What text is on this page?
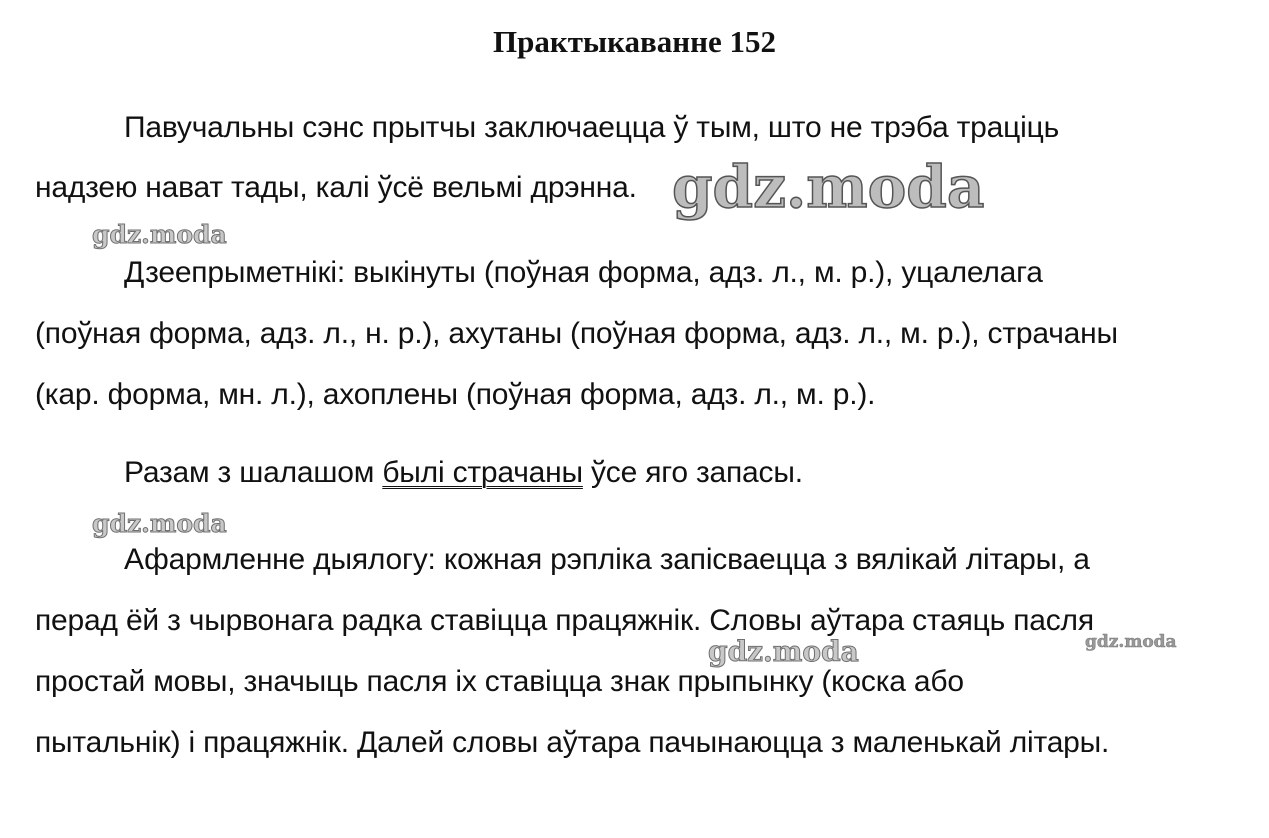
Практыкаванне 152
Павучальны сэнс прытчы заключаецца ў тым, што не трэба траціць
надзею нават тады, калі ўсё вельмі дрэнна.
Дзеепрыметнікі: выкінуты (поўная форма, адз. л., м. р.), уцалелага
(поўная форма, адз. л., н. р.), ахутаны (поўная форма, адз. л., м. р.), страчаны
(кар. форма, мн. л.), ахоплены (поўная форма, адз. л., м. р.).
Разам з шалашом былі страчаны ўсе яго запасы.
Афармленне дыялогу: кожная рэпліка запісваецца з вялікай літары, а
перад ёй з чырвонага радка ставіцца працяжнік. Словы аўтара стаяць пасля
простай мовы, значыць пасля іх ставіцца знак прыпынку (коска або
пытальнік) і працяжнік. Далей словы аўтара пачынаюцца з маленькай літары.
gdz.moda
gdz.moda
gdz.moda
gdz.moda	gdz.moda
